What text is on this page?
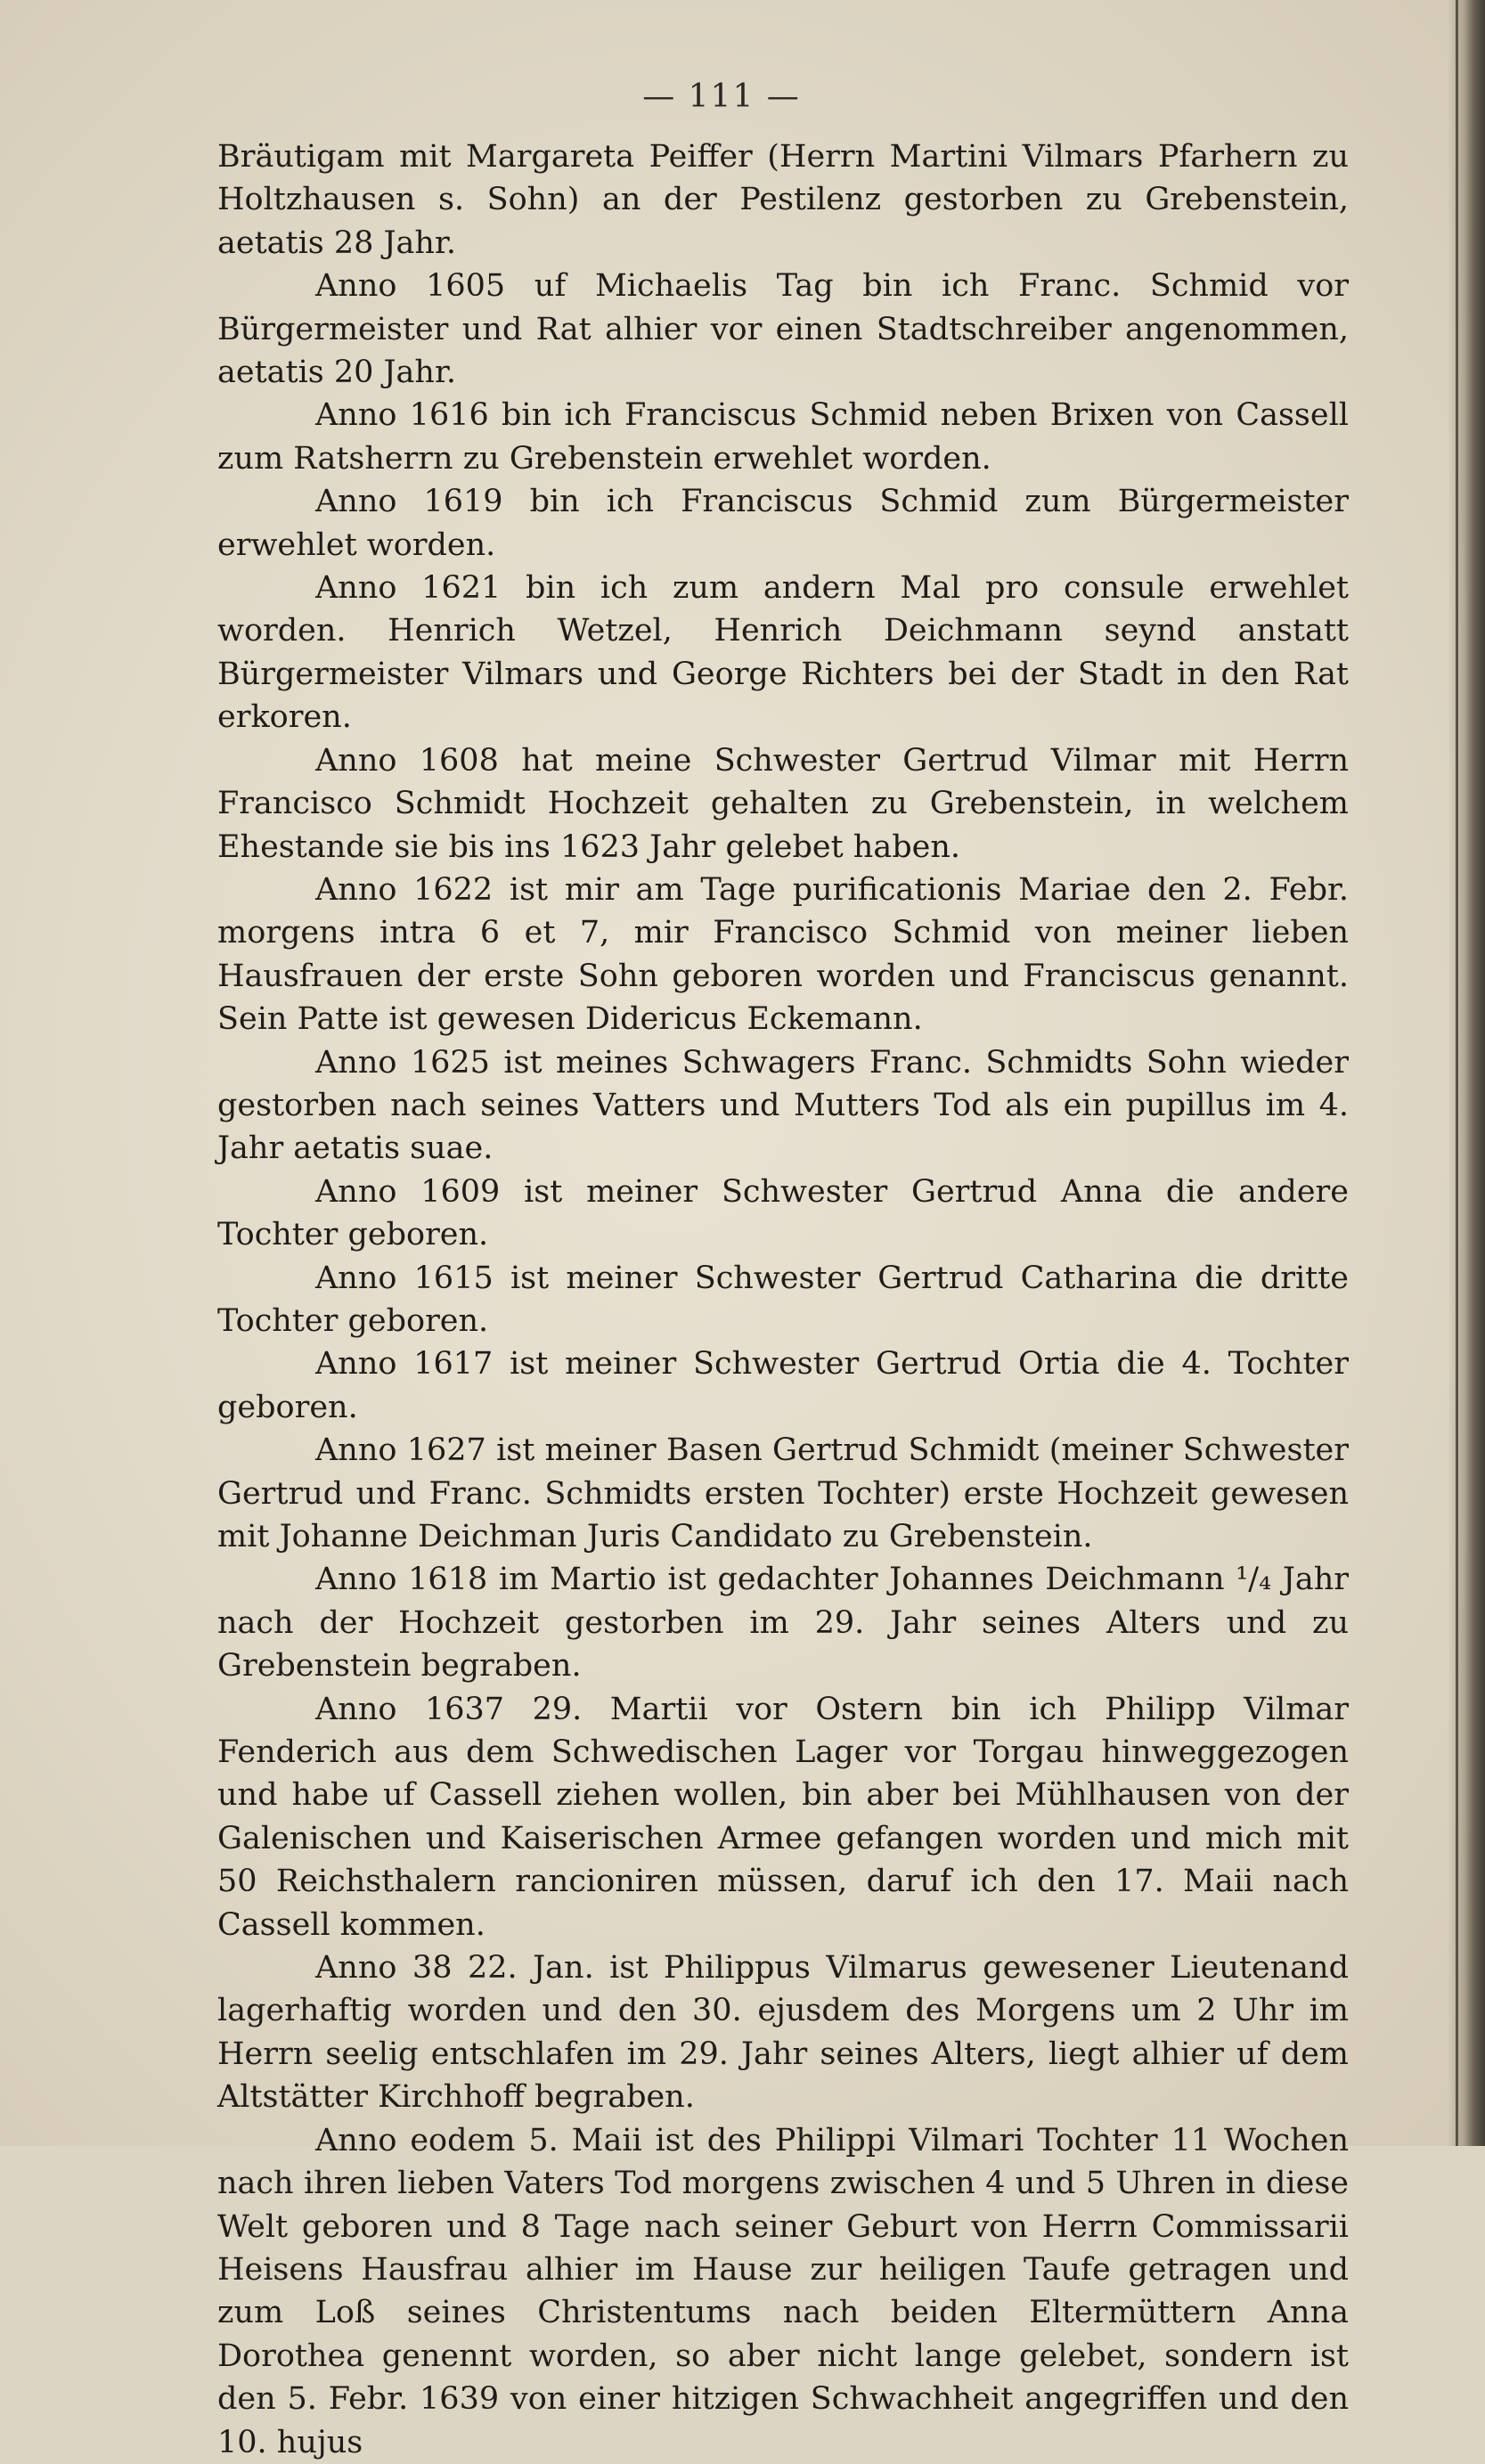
— 111 —

Bräutigam mit Margareta Peiffer (Herrn Martini Vilmars Pfarhern zu Holtzhausen s. Sohn) an der Pestilenz gestorben zu Grebenstein, aetatis 28 Jahr.

Anno 1605 uf Michaelis Tag bin ich Franc. Schmid vor Bürgermeister und Rat alhier vor einen Stadtschreiber angenommen, aetatis 20 Jahr.

Anno 1616 bin ich Franciscus Schmid neben Brixen von Cassell zum Ratsherrn zu Grebenstein erwehlet worden.

Anno 1619 bin ich Franciscus Schmid zum Bürgermeister erwehlet worden.

Anno 1621 bin ich zum andern Mal pro consule erwehlet worden. Henrich Wetzel, Henrich Deichmann seynd anstatt Bürgermeister Vilmars und George Richters bei der Stadt in den Rat erkoren.

Anno 1608 hat meine Schwester Gertrud Vilmar mit Herrn Francisco Schmidt Hochzeit gehalten zu Grebenstein, in welchem Ehestande sie bis ins 1623 Jahr gelebet haben.

Anno 1622 ist mir am Tage purificationis Mariae den 2. Febr. morgens intra 6 et 7, mir Francisco Schmid von meiner lieben Hausfrauen der erste Sohn geboren worden und Franciscus genannt. Sein Patte ist gewesen Didericus Eckemann.

Anno 1625 ist meines Schwagers Franc. Schmidts Sohn wieder gestorben nach seines Vatters und Mutters Tod als ein pupillus im 4. Jahr aetatis suae.

Anno 1609 ist meiner Schwester Gertrud Anna die andere Tochter geboren.

Anno 1615 ist meiner Schwester Gertrud Catharina die dritte Tochter geboren.

Anno 1617 ist meiner Schwester Gertrud Ortia die 4. Tochter geboren.

Anno 1627 ist meiner Basen Gertrud Schmidt (meiner Schwester Gertrud und Franc. Schmidts ersten Tochter) erste Hochzeit gewesen mit Johanne Deichman Juris Candidato zu Grebenstein.

Anno 1618 im Martio ist gedachter Johannes Deichmann ¹/₄ Jahr nach der Hochzeit gestorben im 29. Jahr seines Alters und zu Grebenstein begraben.

Anno 1637 29. Martii vor Ostern bin ich Philipp Vilmar Fenderich aus dem Schwedischen Lager vor Torgau hinweggezogen und habe uf Cassell ziehen wollen, bin aber bei Mühlhausen von der Galenischen und Kaiserischen Armee gefangen worden und mich mit 50 Reichsthalern rancioniren müssen, daruf ich den 17. Maii nach Cassell kommen.

Anno 38 22. Jan. ist Philippus Vilmarus gewesener Lieutenand lagerhaftig worden und den 30. ejusdem des Morgens um 2 Uhr im Herrn seelig entschlafen im 29. Jahr seines Alters, liegt alhier uf dem Altstätter Kirchhoff begraben.

Anno eodem 5. Maii ist des Philippi Vilmari Tochter 11 Wochen nach ihren lieben Vaters Tod morgens zwischen 4 und 5 Uhren in diese Welt geboren und 8 Tage nach seiner Geburt von Herrn Commissarii Heisens Hausfrau alhier im Hause zur heiligen Taufe getragen und zum Loß seines Christentums nach beiden Eltermüttern Anna Dorothea genennt worden, so aber nicht lange gelebet, sondern ist den 5. Febr. 1639 von einer hitzigen Schwachheit angegriffen und den 10. hujus
